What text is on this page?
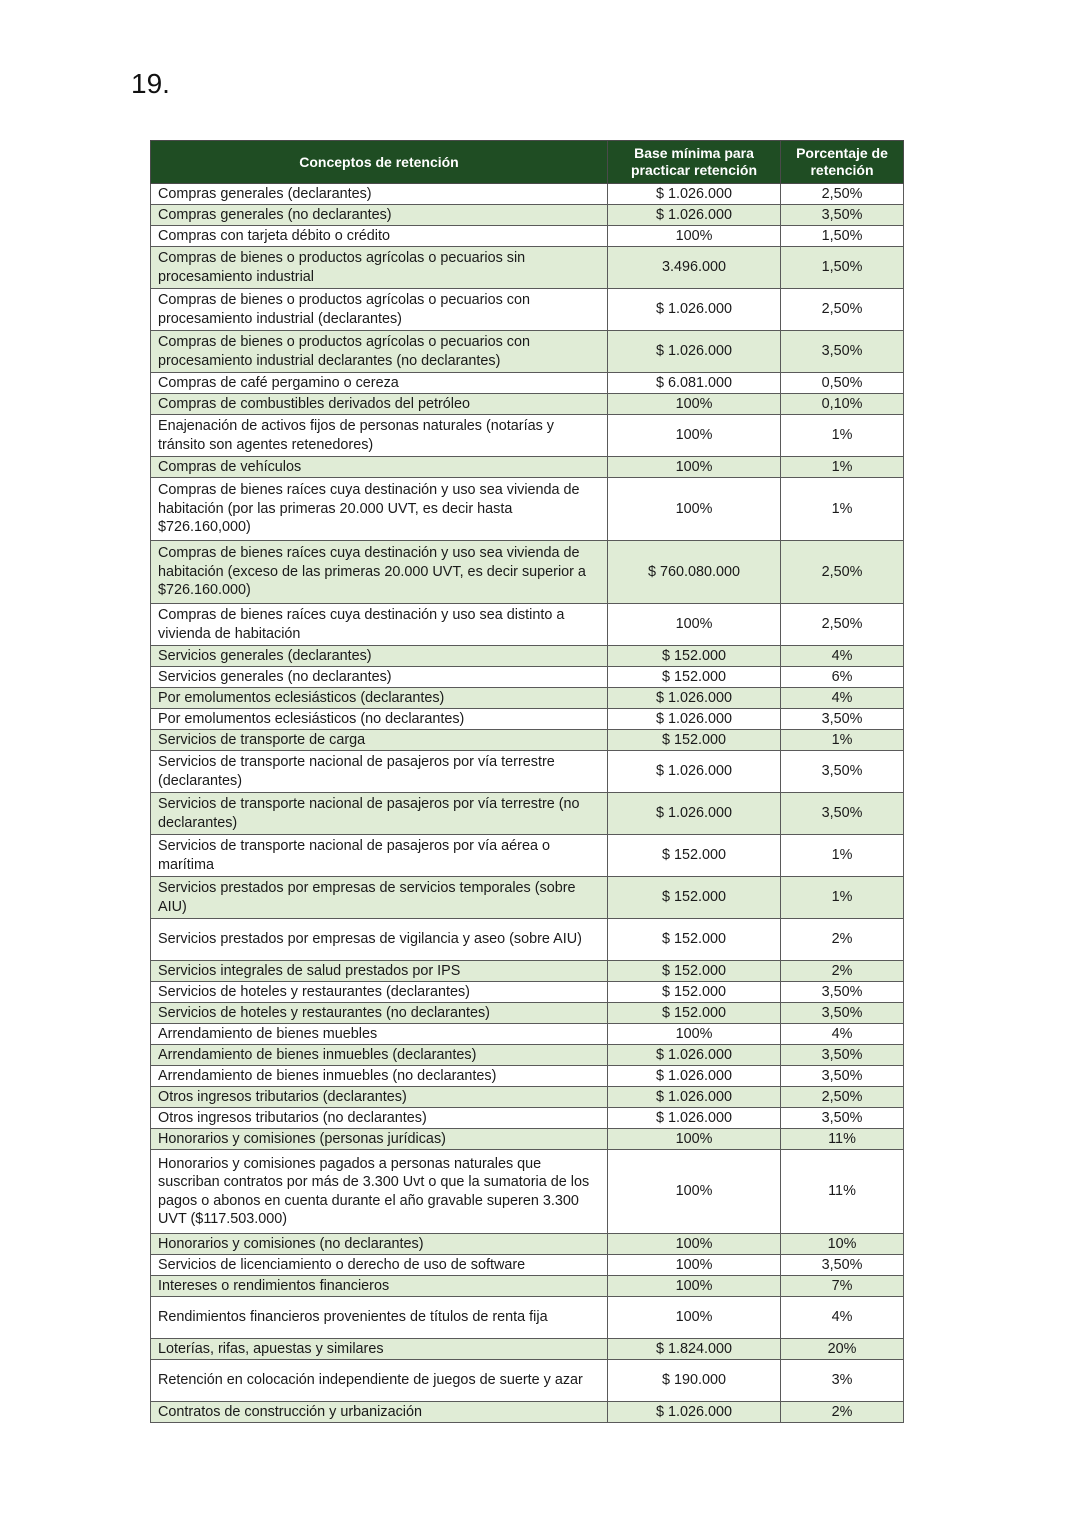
19.
Conceptos de retención	Base mínima para practicar retención	Porcentaje de retención
Compras generales (declarantes)	$ 1.026.000	2,50%
Compras generales (no declarantes)	$ 1.026.000	3,50%
Compras con tarjeta débito o crédito	100%	1,50%
Compras de bienes o productos agrícolas o pecuarios sin procesamiento industrial	3.496.000	1,50%
Compras de bienes o productos agrícolas o pecuarios con procesamiento industrial (declarantes)	$ 1.026.000	2,50%
Compras de bienes o productos agrícolas o pecuarios con procesamiento industrial declarantes (no declarantes)	$ 1.026.000	3,50%
Compras de café pergamino o cereza	$ 6.081.000	0,50%
Compras de combustibles derivados del petróleo	100%	0,10%
Enajenación de activos fijos de personas naturales (notarías y tránsito son agentes retenedores)	100%	1%
Compras de vehículos	100%	1%
Compras de bienes raíces cuya destinación y uso sea vivienda de habitación (por las primeras 20.000 UVT, es decir hasta $726.160,000)	100%	1%
Compras de bienes raíces cuya destinación y uso sea vivienda de habitación (exceso de las primeras 20.000 UVT, es decir superior a $726.160.000)	$ 760.080.000	2,50%
Compras de bienes raíces cuya destinación y uso sea distinto a vivienda de habitación	100%	2,50%
Servicios generales (declarantes)	$ 152.000	4%
Servicios generales (no declarantes)	$ 152.000	6%
Por emolumentos eclesiásticos (declarantes)	$ 1.026.000	4%
Por emolumentos eclesiásticos (no declarantes)	$ 1.026.000	3,50%
Servicios de transporte de carga	$ 152.000	1%
Servicios de transporte nacional de pasajeros por vía terrestre (declarantes)	$ 1.026.000	3,50%
Servicios de transporte nacional de pasajeros por vía terrestre (no declarantes)	$ 1.026.000	3,50%
Servicios de transporte nacional de pasajeros por vía aérea o marítima	$ 152.000	1%
Servicios prestados por empresas de servicios temporales (sobre AIU)	$ 152.000	1%
Servicios prestados por empresas de vigilancia y aseo (sobre AIU)	$ 152.000	2%
Servicios integrales de salud prestados por IPS	$ 152.000	2%
Servicios de hoteles y restaurantes (declarantes)	$ 152.000	3,50%
Servicios de hoteles y restaurantes (no declarantes)	$ 152.000	3,50%
Arrendamiento de bienes muebles	100%	4%
Arrendamiento de bienes inmuebles (declarantes)	$ 1.026.000	3,50%
Arrendamiento de bienes inmuebles (no declarantes)	$ 1.026.000	3,50%
Otros ingresos tributarios (declarantes)	$ 1.026.000	2,50%
Otros ingresos tributarios (no declarantes)	$ 1.026.000	3,50%
Honorarios y comisiones (personas jurídicas)	100%	11%
Honorarios y comisiones pagados a personas naturales que suscriban contratos por más de 3.300 Uvt o que la sumatoria de los pagos o abonos en cuenta durante el año gravable superen 3.300 UVT ($117.503.000)	100%	11%
Honorarios y comisiones (no declarantes)	100%	10%
Servicios de licenciamiento o derecho de uso de software	100%	3,50%
Intereses o rendimientos financieros	100%	7%
Rendimientos financieros provenientes de títulos de renta fija	100%	4%
Loterías, rifas, apuestas y similares	$ 1.824.000	20%
Retención en colocación independiente de juegos de suerte y azar	$ 190.000	3%
Contratos de construcción y urbanización	$ 1.026.000	2%
